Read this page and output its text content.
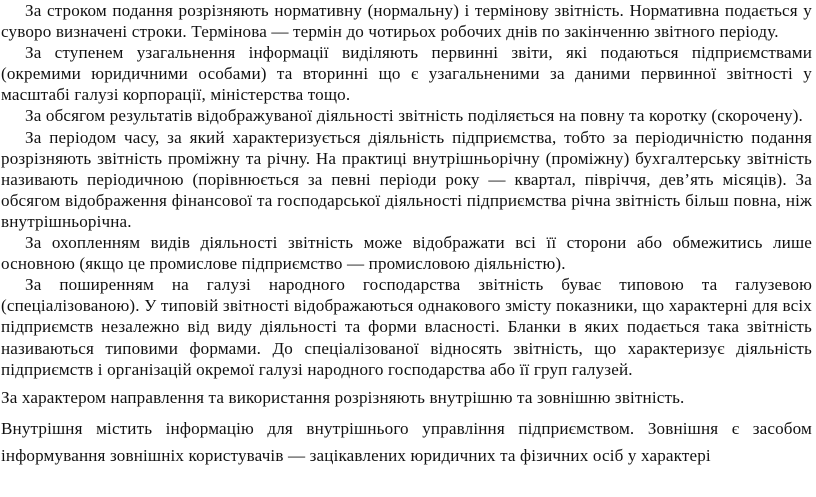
За строком подання розрізняють нормативну (нормальну) і термінову звітність. Нормативна подається у суворо визначені строки. Термінова — термін до чотирьох робочих днів по закінченню звітного періоду.

За ступенем узагальнення інформації виділяють первинні звіти, які подаються підприємствами (окремими юридичними особами) та вторинні що є узагальненими за даними первинної звітності у масштабі галузі корпорації, міністерства тощо.

За обсягом результатів відображуваної діяльності звітність поділяється на повну та коротку (скорочену).

За періодом часу, за який характеризується діяльність підприємства, тобто за періодичністю подання розрізняють звітність проміжну та річну. На практиці внутрішньорічну (проміжну) бухгалтерську звітність називають періодичною (порівнюється за певні періоди року — квартал, півріччя, дев’ять місяців). За обсягом відображення фінансової та господарської діяльності підприємства річна звітність більш повна, ніж внутрішньорічна.

За охопленням видів діяльності звітність може відображати всі її сторони або обмежитись лише основною (якщо це промислове підприємство — промисловою діяльністю).

За поширенням на галузі народного господарства звітність буває типовою та галузевою (спеціалізованою). У типовій звітності відображаються однакового змісту показники, що характерні для всіх підприємств незалежно від виду діяльності та форми власності. Бланки в яких подається така звітність називаються типовими формами. До спеціалізованої відносять звітність, що характеризує діяльність підприємств і організацій окремої галузі народного господарства або її груп галузей.

За характером направлення та використання розрізняють внутрішню та зовнішню звітність.

Внутрішня містить інформацію для внутрішнього управління підприємством. Зовнішня є засобом інформування зовнішніх користувачів — зацікавлених юридичних та фізичних осіб у характері
